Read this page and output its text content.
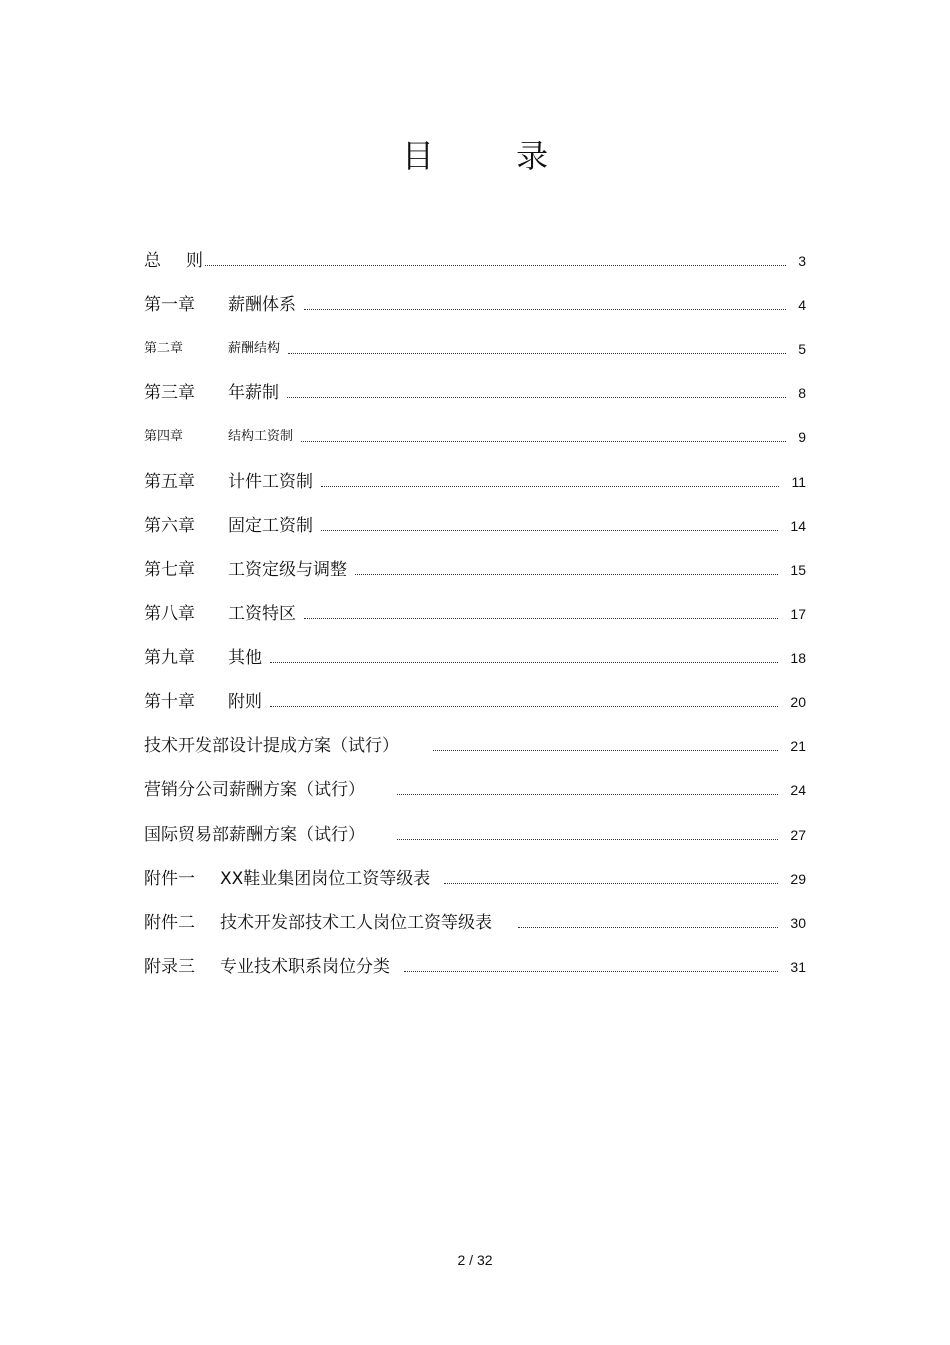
目 录
总 则	3
第一章 薪酬体系	4
第二章	薪酬结构	5
第三章 年薪制	8
第四章	结构工资制	9
第五章 计件工资制	11
第六章 固定工资制	14
第七章 工资定级与调整	15
第八章 工资特区	17
第九章 其他	18
第十章 附则	20
技术开发部设计提成方案（试行）	21
营销分公司薪酬方案（试行）	24
国际贸易部薪酬方案（试行）	27
附件一 XX鞋业集团岗位工资等级表	29
附件二 技术开发部技术工人岗位工资等级表	30
附录三 专业技术职系岗位分类	31
2 / 32
